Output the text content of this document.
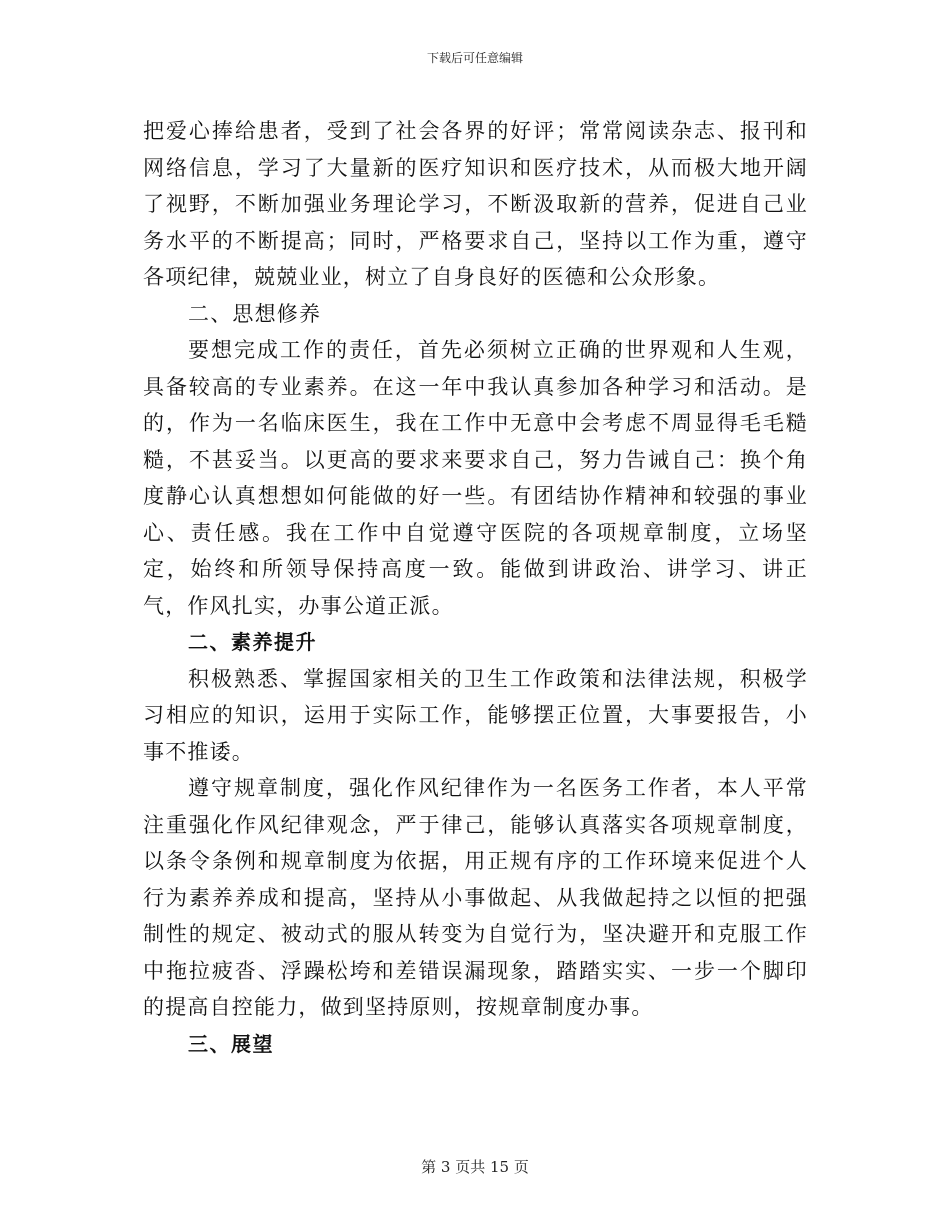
下载后可任意编辑

把爱心捧给患者，受到了社会各界的好评；常常阅读杂志、报刊和网络信息，学习了大量新的医疗知识和医疗技术，从而极大地开阔了视野，不断加强业务理论学习，不断汲取新的营养，促进自己业务水平的不断提高；同时，严格要求自己，坚持以工作为重，遵守各项纪律，兢兢业业，树立了自身良好的医德和公众形象。

二、思想修养

要想完成工作的责任，首先必须树立正确的世界观和人生观，具备较高的专业素养。在这一年中我认真参加各种学习和活动。是的，作为一名临床医生，我在工作中无意中会考虑不周显得毛毛糙糙，不甚妥当。以更高的要求来要求自己，努力告诫自己：换个角度静心认真想想如何能做的好一些。有团结协作精神和较强的事业心、责任感。我在工作中自觉遵守医院的各项规章制度，立场坚定，始终和所领导保持高度一致。能做到讲政治、讲学习、讲正气，作风扎实，办事公道正派。

二、素养提升

积极熟悉、掌握国家相关的卫生工作政策和法律法规，积极学习相应的知识，运用于实际工作，能够摆正位置，大事要报告，小事不推诿。

遵守规章制度，强化作风纪律作为一名医务工作者，本人平常注重强化作风纪律观念，严于律己，能够认真落实各项规章制度，以条令条例和规章制度为依据，用正规有序的工作环境来促进个人行为素养养成和提高，坚持从小事做起、从我做起持之以恒的把强制性的规定、被动式的服从转变为自觉行为，坚决避开和克服工作中拖拉疲沓、浮躁松垮和差错误漏现象，踏踏实实、一步一个脚印的提高自控能力，做到坚持原则，按规章制度办事。

三、展望

第 3 页共 15 页
